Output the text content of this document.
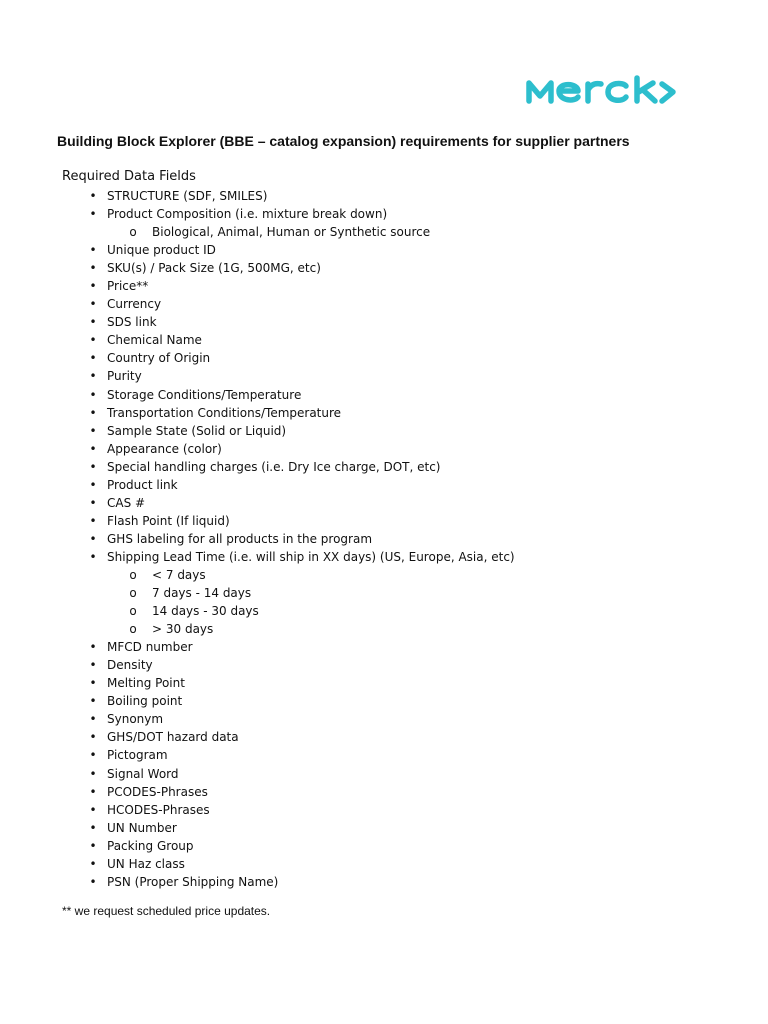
Building Block Explorer (BBE – catalog expansion) requirements for supplier partners
Required Data Fields
• STRUCTURE (SDF, SMILES)
• Product Composition (i.e. mixture break down)
o Biological, Animal, Human or Synthetic source
• Unique product ID
• SKU(s) / Pack Size (1G, 500MG, etc)
• Price**
• Currency
• SDS link
• Chemical Name
• Country of Origin
• Purity
• Storage Conditions/Temperature
• Transportation Conditions/Temperature
• Sample State (Solid or Liquid)
• Appearance (color)
• Special handling charges (i.e. Dry Ice charge, DOT, etc)
• Product link
• CAS #
• Flash Point (If liquid)
• GHS labeling for all products in the program
• Shipping Lead Time (i.e. will ship in XX days) (US, Europe, Asia, etc)
o < 7 days
o 7 days - 14 days
o 14 days - 30 days
o > 30 days
• MFCD number
• Density
• Melting Point
• Boiling point
• Synonym
• GHS/DOT hazard data
• Pictogram
• Signal Word
• PCODES-Phrases
• HCODES-Phrases
• UN Number
• Packing Group
• UN Haz class
• PSN (Proper Shipping Name)
** we request scheduled price updates.
